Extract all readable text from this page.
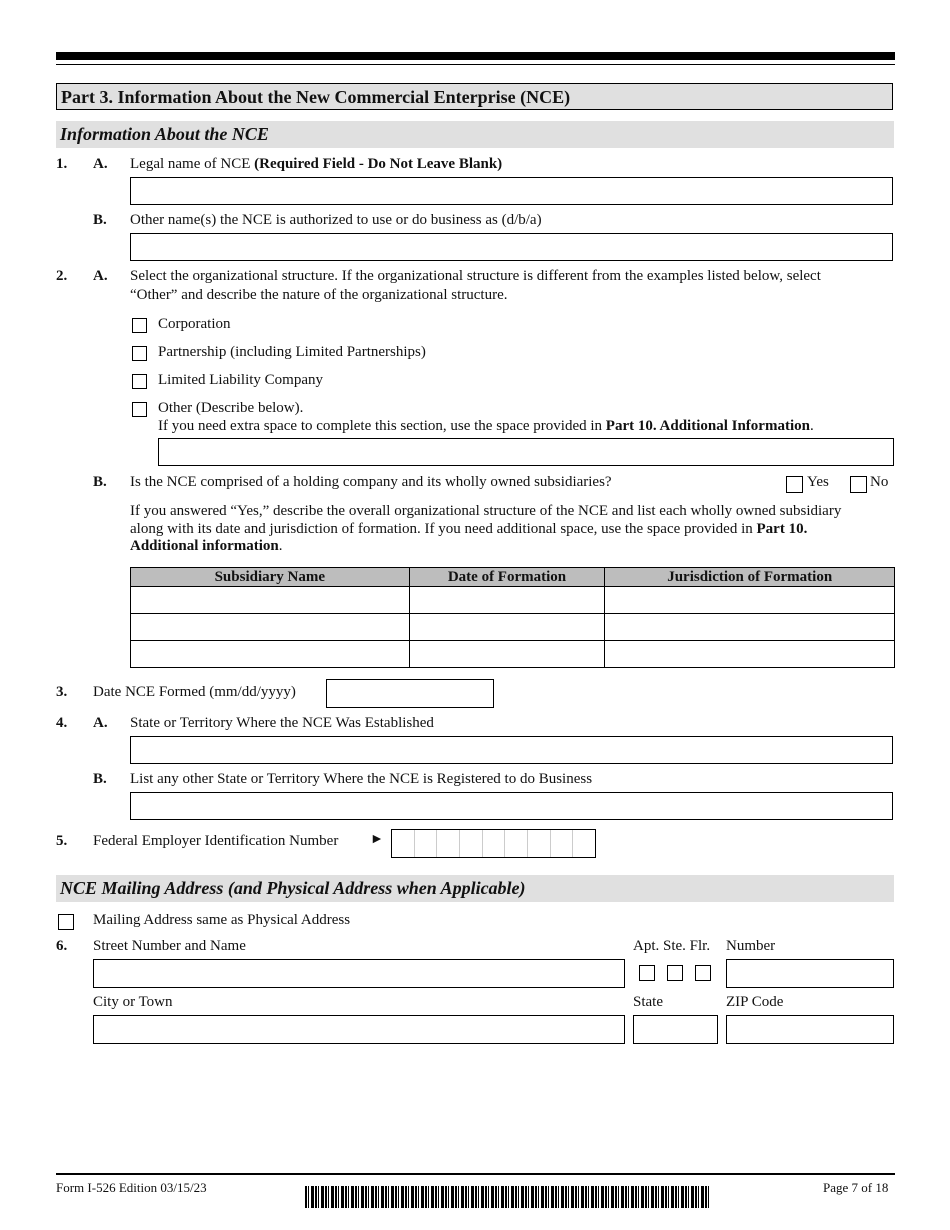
Part 3. Information About the New Commercial Enterprise (NCE)
Information About the NCE
1. A. Legal name of NCE (Required Field - Do Not Leave Blank)
B. Other name(s) the NCE is authorized to use or do business as (d/b/a)
2. A. Select the organizational structure. If the organizational structure is different from the examples listed below, select
“Other” and describe the nature of the organizational structure.
Corporation
Partnership (including Limited Partnerships)
Limited Liability Company
Other (Describe below).
If you need extra space to complete this section, use the space provided in Part 10. Additional Information.
B. Is the NCE comprised of a holding company and its wholly owned subsidiaries?	Yes	No
If you answered “Yes,” describe the overall organizational structure of the NCE and list each wholly owned subsidiary
along with its date and jurisdiction of formation. If you need additional space, use the space provided in Part 10.
Additional information.
Subsidiary Name	Date of Formation	Jurisdiction of Formation

3. Date NCE Formed (mm/dd/yyyy)
4. A. State or Territory Where the NCE Was Established
B. List any other State or Territory Where the NCE is Registered to do Business
5. Federal Employer Identification Number ►
NCE Mailing Address (and Physical Address when Applicable)
Mailing Address same as Physical Address
6. Street Number and Name	Apt. Ste. Flr. Number
City or Town	State	ZIP Code
Form I-526 Edition 03/15/23	Page 7 of 18
